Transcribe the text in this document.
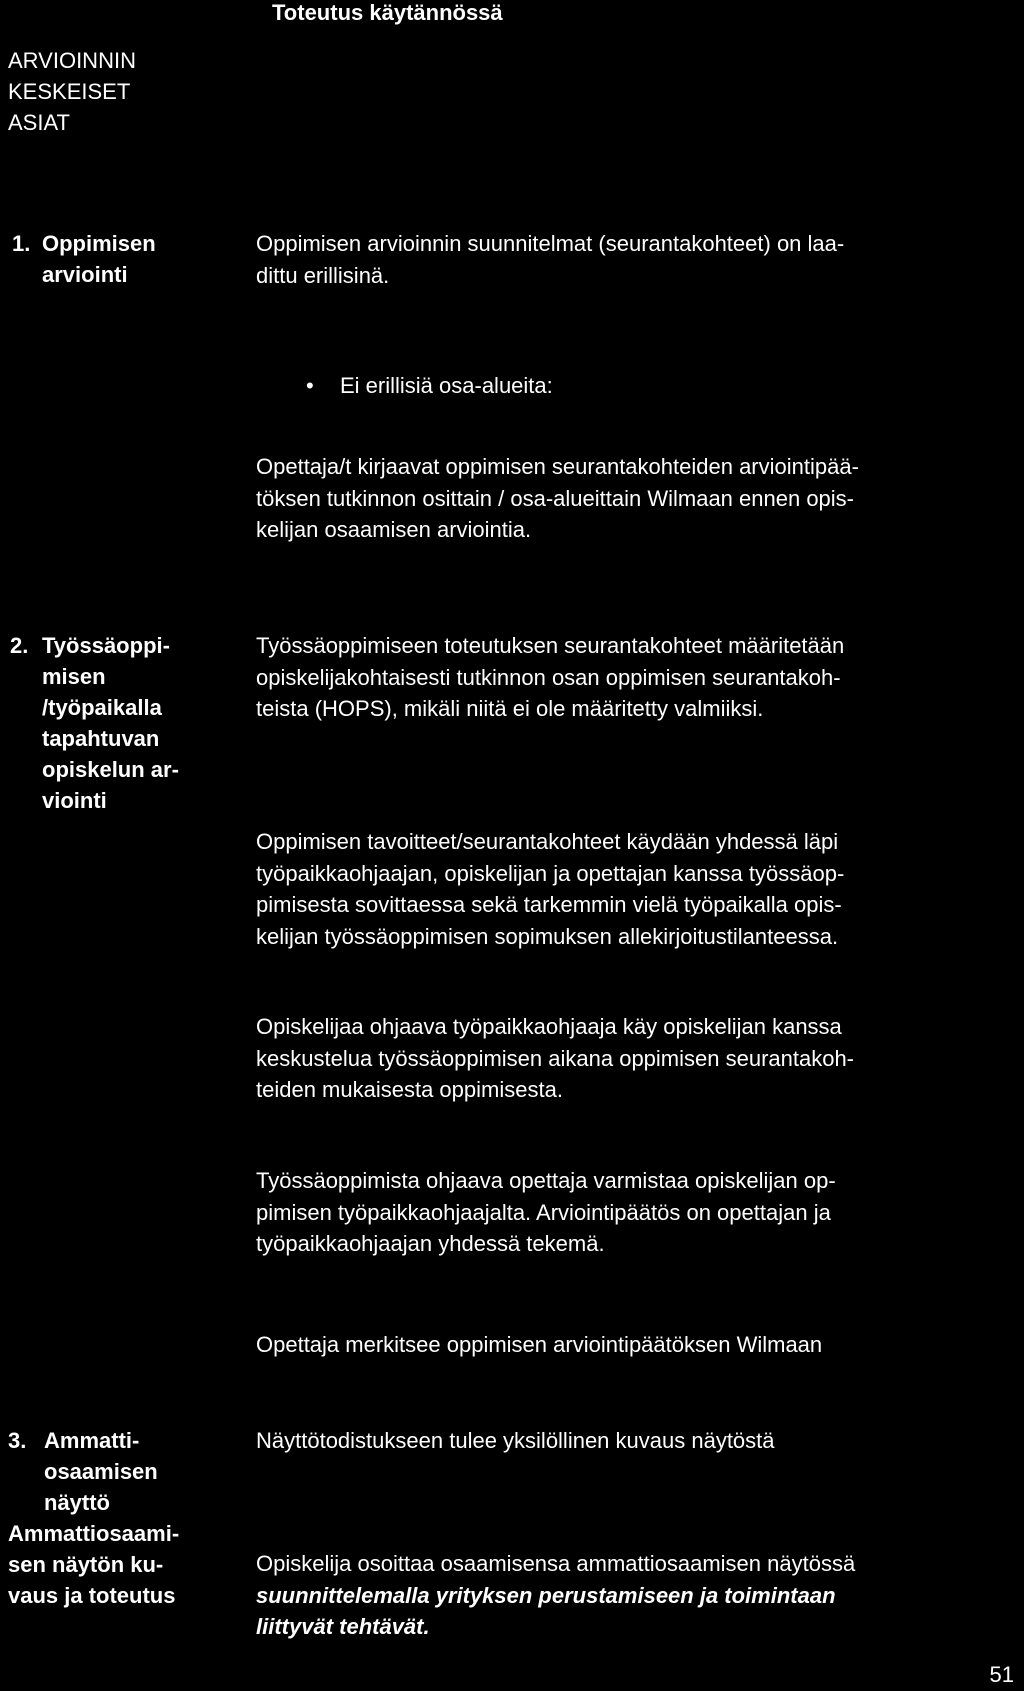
Toteutus käytännössä
ARVIOINNIN
KESKEISET
ASIAT
1. Oppimisen
arviointi
Oppimisen arvioinnin suunnitelmat (seurantakohteet) on laa-
dittu erillisinä.
• Ei erillisiä osa-alueita:
Opettaja/t kirjaavat oppimisen seurantakohteiden arviointipää-
töksen tutkinnon osittain / osa-alueittain Wilmaan ennen opis-
kelijan osaamisen arviointia.
2. Työssäoppi-
misen
/työpaikalla
tapahtuvan
opiskelun ar-
viointi
Työssäoppimiseen toteutuksen seurantakohteet määritetään
opiskelijakohtaisesti tutkinnon osan oppimisen seurantakoh-
teista (HOPS), mikäli niitä ei ole määritetty valmiiksi.
Oppimisen tavoitteet/seurantakohteet käydään yhdessä läpi
työpaikkaohjaajan, opiskelijan ja opettajan kanssa työssäop-
pimisesta sovittaessa sekä tarkemmin vielä työpaikalla opis-
kelijan työssäoppimisen sopimuksen allekirjoitustilanteessa.
Opiskelijaa ohjaava työpaikkaohjaaja käy opiskelijan kanssa
keskustelua työssäoppimisen aikana oppimisen seurantakoh-
teiden mukaisesta oppimisesta.
Työssäoppimista ohjaava opettaja varmistaa opiskelijan op-
pimisen työpaikkaohjaajalta. Arviointipäätös on opettajan ja
työpaikkaohjaajan yhdessä tekemä.
Opettaja merkitsee oppimisen arviointipäätöksen Wilmaan
3. Ammatti-
osaamisen
näyttö
Ammattiosaami-
sen näytön ku-
vaus ja toteutus
Näyttötodistukseen tulee yksilöllinen kuvaus näytöstä
Opiskelija osoittaa osaamisensa ammattiosaamisen näytössä
suunnittelemalla yrityksen perustamiseen ja toimintaan
liittyvät tehtävät.
51
